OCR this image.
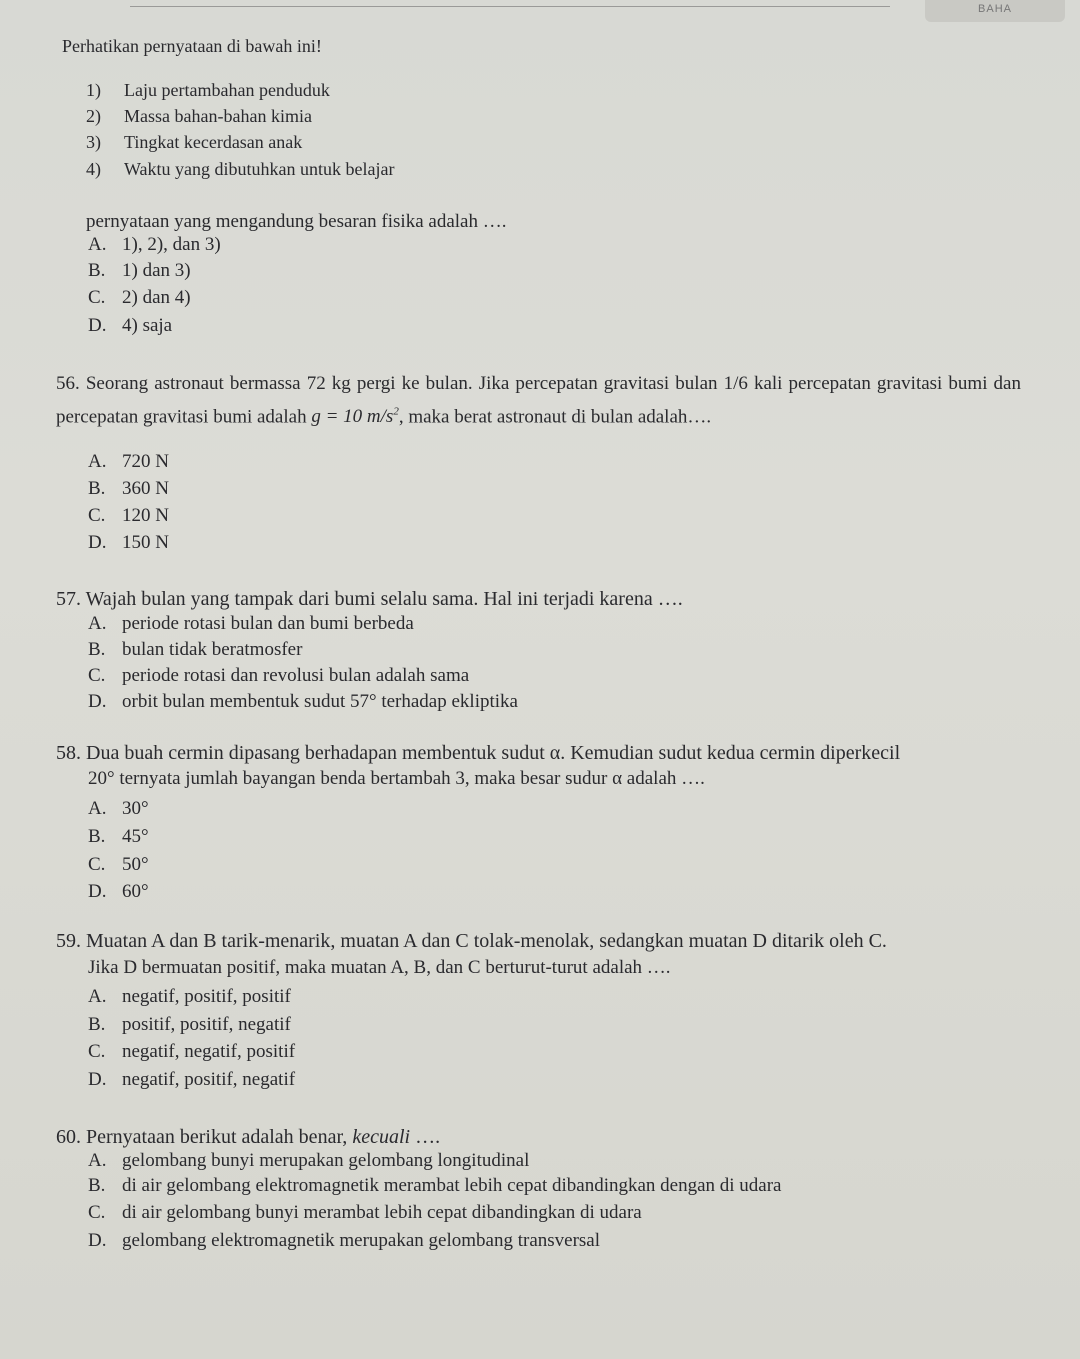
BAHA
Perhatikan pernyataan di bawah ini!
1) Laju pertambahan penduduk
2) Massa bahan-bahan kimia
3) Tingkat kecerdasan anak
4) Waktu yang dibutuhkan untuk belajar
pernyataan yang mengandung besaran fisika adalah ….
A. 1), 2), dan 3)
B. 1) dan 3)
C. 2) dan 4)
D. 4) saja
56. Seorang astronaut bermassa 72 kg pergi ke bulan. Jika percepatan gravitasi bulan 1/6 kali percepatan gravitasi bumi dan percepatan gravitasi bumi adalah g = 10 $m/s^2$, maka berat astronaut di bulan adalah….
A. 720 N
B. 360 N
C. 120 N
D. 150 N
57. Wajah bulan yang tampak dari bumi selalu sama. Hal ini terjadi karena ….
A. periode rotasi bulan dan bumi berbeda
B. bulan tidak beratmosfer
C. periode rotasi dan revolusi bulan adalah sama
D. orbit bulan membentuk sudut 57° terhadap ekliptika
58. Dua buah cermin dipasang berhadapan membentuk sudut α. Kemudian sudut kedua cermin diperkecil
20° ternyata jumlah bayangan benda bertambah 3, maka besar sudur α adalah ….
A. 30°
B. 45°
C. 50°
D. 60°
59. Muatan A dan B tarik-menarik, muatan A dan C tolak-menolak, sedangkan muatan D ditarik oleh C.
Jika D bermuatan positif, maka muatan A, B, dan C berturut-turut adalah ….
A. negatif, positif, positif
B. positif, positif, negatif
C. negatif, negatif, positif
D. negatif, positif, negatif
60. Pernyataan berikut adalah benar, kecuali ….
A. gelombang bunyi merupakan gelombang longitudinal
B. di air gelombang elektromagnetik merambat lebih cepat dibandingkan dengan di udara
C. di air gelombang bunyi merambat lebih cepat dibandingkan di udara
D. gelombang elektromagnetik merupakan gelombang transversal
